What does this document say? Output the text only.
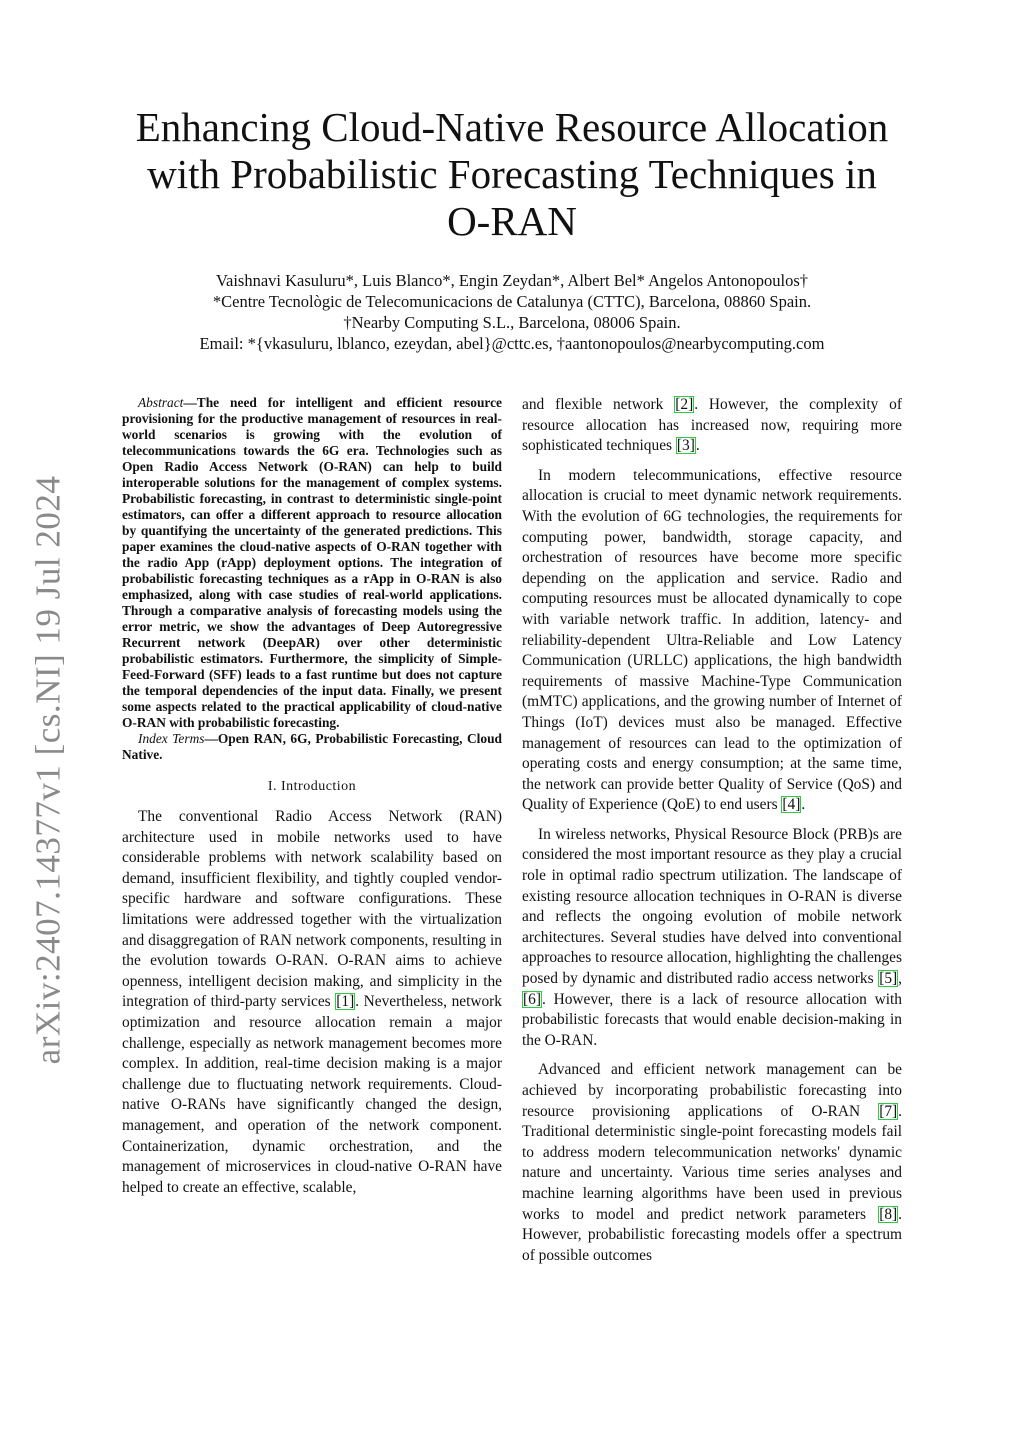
arXiv:2407.14377v1 [cs.NI] 19 Jul 2024
Enhancing Cloud-Native Resource Allocation
with Probabilistic Forecasting Techniques in
O-RAN
Vaishnavi Kasuluru*, Luis Blanco*, Engin Zeydan*, Albert Bel* Angelos Antonopoulos†
*Centre Tecnològic de Telecomunicacions de Catalunya (CTTC), Barcelona, 08860 Spain.
†Nearby Computing S.L., Barcelona, 08006 Spain.
Email: *{vkasuluru, lblanco, ezeydan, abel}@cttc.es, †aantonopoulos@nearbycomputing.com

Abstract—The need for intelligent and efficient resource provisioning for the productive management of resources in real-world scenarios is growing with the evolution of telecommunications towards the 6G era. Technologies such as Open Radio Access Network (O-RAN) can help to build interoperable solutions for the management of complex systems. Probabilistic forecasting, in contrast to deterministic single-point estimators, can offer a different approach to resource allocation by quantifying the uncertainty of the generated predictions. This paper examines the cloud-native aspects of O-RAN together with the radio App (rApp) deployment options. The integration of probabilistic forecasting techniques as a rApp in O-RAN is also emphasized, along with case studies of real-world applications. Through a comparative analysis of forecasting models using the error metric, we show the advantages of Deep Autoregressive Recurrent network (DeepAR) over other deterministic probabilistic estimators. Furthermore, the simplicity of Simple-Feed-Forward (SFF) leads to a fast runtime but does not capture the temporal dependencies of the input data. Finally, we present some aspects related to the practical applicability of cloud-native O-RAN with probabilistic forecasting.

Index Terms—Open RAN, 6G, Probabilistic Forecasting, Cloud Native.

I. Introduction

The conventional Radio Access Network (RAN) architecture used in mobile networks used to have considerable problems with network scalability based on demand, insufficient flexibility, and tightly coupled vendor-specific hardware and software configurations. These limitations were addressed together with the virtualization and disaggregation of RAN network components, resulting in the evolution towards O-RAN. O-RAN aims to achieve openness, intelligent decision making, and simplicity in the integration of third-party services [1]. Nevertheless, network optimization and resource allocation remain a major challenge, especially as network management becomes more complex. In addition, real-time decision making is a major challenge due to fluctuating network requirements. Cloud-native O-RANs have significantly changed the design, management, and operation of the network component. Containerization, dynamic orchestration, and the management of microservices in cloud-native O-RAN have helped to create an effective, scalable,

and flexible network [2]. However, the complexity of resource allocation has increased now, requiring more sophisticated techniques [3].

In modern telecommunications, effective resource allocation is crucial to meet dynamic network requirements. With the evolution of 6G technologies, the requirements for computing power, bandwidth, storage capacity, and orchestration of resources have become more specific depending on the application and service. Radio and computing resources must be allocated dynamically to cope with variable network traffic. In addition, latency- and reliability-dependent Ultra-Reliable and Low Latency Communication (URLLC) applications, the high bandwidth requirements of massive Machine-Type Communication (mMTC) applications, and the growing number of Internet of Things (IoT) devices must also be managed. Effective management of resources can lead to the optimization of operating costs and energy consumption; at the same time, the network can provide better Quality of Service (QoS) and Quality of Experience (QoE) to end users [4].

In wireless networks, Physical Resource Block (PRB)s are considered the most important resource as they play a crucial role in optimal radio spectrum utilization. The landscape of existing resource allocation techniques in O-RAN is diverse and reflects the ongoing evolution of mobile network architectures. Several studies have delved into conventional approaches to resource allocation, highlighting the challenges posed by dynamic and distributed radio access networks [5], [6]. However, there is a lack of resource allocation with probabilistic forecasts that would enable decision-making in the O-RAN.

Advanced and efficient network management can be achieved by incorporating probabilistic forecasting into resource provisioning applications of O-RAN [7]. Traditional deterministic single-point forecasting models fail to address modern telecommunication networks' dynamic nature and uncertainty. Various time series analyses and machine learning algorithms have been used in previous works to model and predict network parameters [8]. However, probabilistic forecasting models offer a spectrum of possible outcomes
